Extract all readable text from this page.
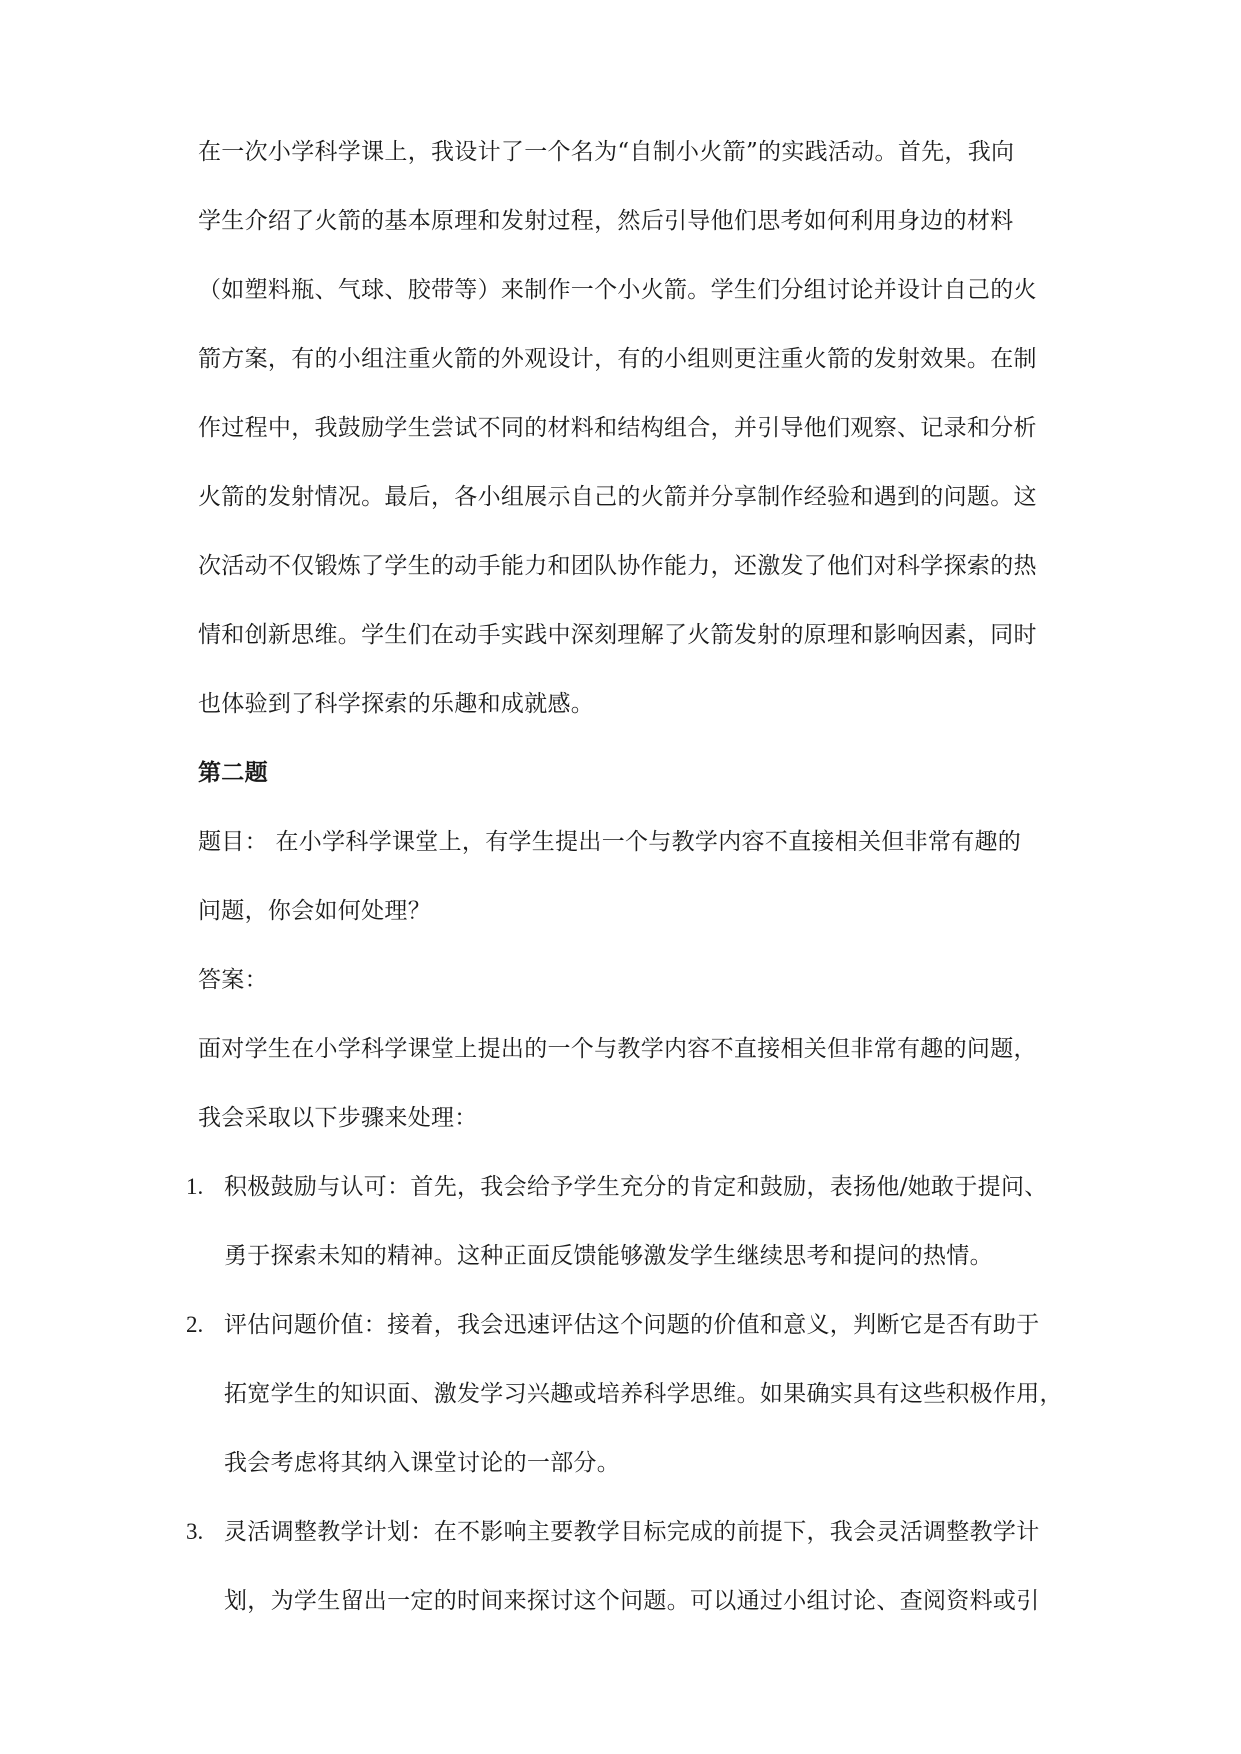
在一次小学科学课上，我设计了一个名为“自制小火箭”的实践活动。首先，我向
学生介绍了火箭的基本原理和发射过程，然后引导他们思考如何利用身边的材料
（如塑料瓶、气球、胶带等）来制作一个小火箭。学生们分组讨论并设计自己的火
箭方案，有的小组注重火箭的外观设计，有的小组则更注重火箭的发射效果。在制
作过程中，我鼓励学生尝试不同的材料和结构组合，并引导他们观察、记录和分析
火箭的发射情况。最后，各小组展示自己的火箭并分享制作经验和遇到的问题。这
次活动不仅锻炼了学生的动手能力和团队协作能力，还激发了他们对科学探索的热
情和创新思维。学生们在动手实践中深刻理解了火箭发射的原理和影响因素，同时
也体验到了科学探索的乐趣和成就感。
第二题
题目： 在小学科学课堂上，有学生提出一个与教学内容不直接相关但非常有趣的
问题，你会如何处理？
答案：
面对学生在小学科学课堂上提出的一个与教学内容不直接相关但非常有趣的问题，
我会采取以下步骤来处理：
1. 积极鼓励与认可：首先，我会给予学生充分的肯定和鼓励，表扬他/她敢于提问、
勇于探索未知的精神。这种正面反馈能够激发学生继续思考和提问的热情。
2. 评估问题价值：接着，我会迅速评估这个问题的价值和意义，判断它是否有助于
拓宽学生的知识面、激发学习兴趣或培养科学思维。如果确实具有这些积极作用，
我会考虑将其纳入课堂讨论的一部分。
3. 灵活调整教学计划：在不影响主要教学目标完成的前提下，我会灵活调整教学计
划，为学生留出一定的时间来探讨这个问题。可以通过小组讨论、查阅资料或引
